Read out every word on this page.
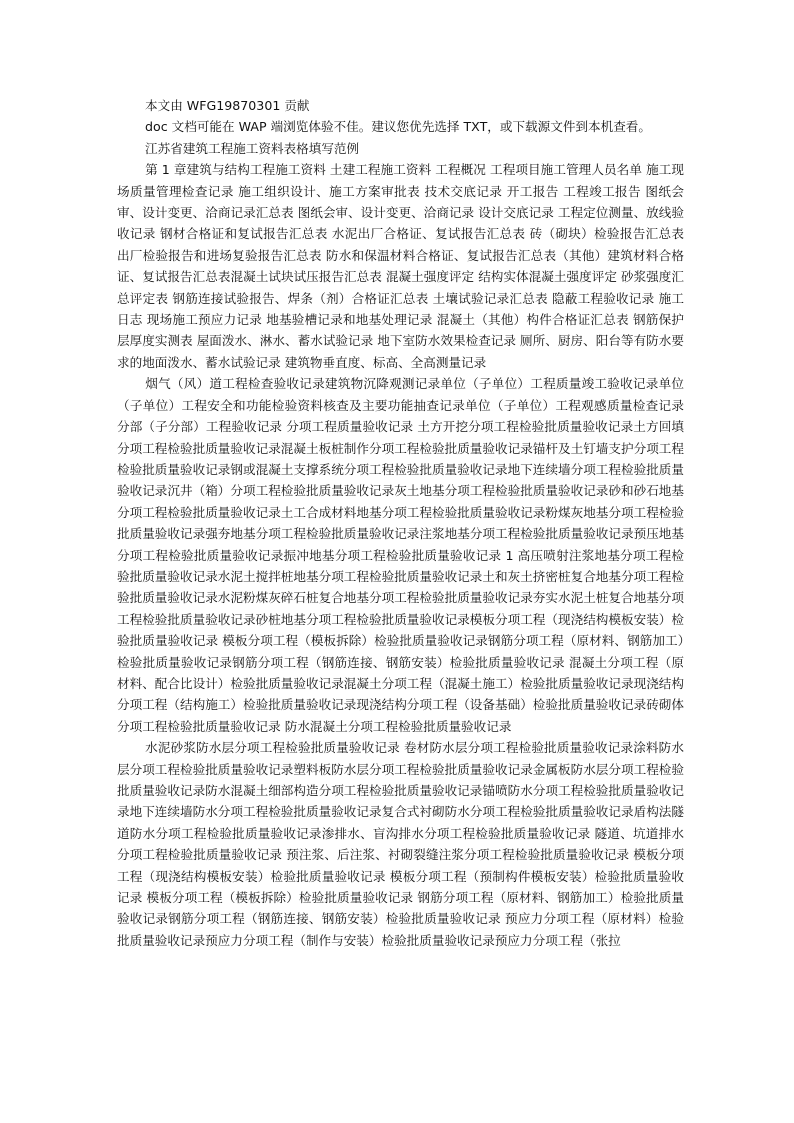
本文由 WFG19870301 贡献

doc 文档可能在 WAP 端浏览体验不佳。建议您优先选择 TXT，或下载源文件到本机查看。

江苏省建筑工程施工资料表格填写范例

第 1 章建筑与结构工程施工资料 土建工程施工资料 工程概况 工程项目施工管理人员名单 施工现场质量管理检查记录 施工组织设计、施工方案审批表 技术交底记录 开工报告 工程竣工报告 图纸会审、设计变更、洽商记录汇总表 图纸会审、设计变更、洽商记录 设计交底记录 工程定位测量、放线验收记录 钢材合格证和复试报告汇总表 水泥出厂合格证、复试报告汇总表 砖（砌块）检验报告汇总表 出厂检验报告和进场复验报告汇总表 防水和保温材料合格证、复试报告汇总表（其他）建筑材料合格证、复试报告汇总表混凝土试块试压报告汇总表 混凝土强度评定 结构实体混凝土强度评定 砂浆强度汇总评定表 钢筋连接试验报告、焊条（剂）合格证汇总表 土壤试验记录汇总表 隐蔽工程验收记录 施工日志 现场施工预应力记录 地基验槽记录和地基处理记录 混凝土（其他）构件合格证汇总表 钢筋保护层厚度实测表 屋面泼水、淋水、蓄水试验记录 地下室防水效果检查记录 厕所、厨房、阳台等有防水要求的地面泼水、蓄水试验记录 建筑物垂直度、标高、全高测量记录

烟气（风）道工程检查验收记录建筑物沉降观测记录单位（子单位）工程质量竣工验收记录单位（子单位）工程安全和功能检验资料核查及主要功能抽查记录单位（子单位）工程观感质量检查记录 分部（子分部）工程验收记录 分项工程质量验收记录 土方开挖分项工程检验批质量验收记录土方回填分项工程检验批质量验收记录混凝土板桩制作分项工程检验批质量验收记录锚杆及土钉墙支护分项工程检验批质量验收记录钢或混凝土支撑系统分项工程检验批质量验收记录地下连续墙分项工程检验批质量验收记录沉井（箱）分项工程检验批质量验收记录灰土地基分项工程检验批质量验收记录砂和砂石地基分项工程检验批质量验收记录土工合成材料地基分项工程检验批质量验收记录粉煤灰地基分项工程检验批质量验收记录强夯地基分项工程检验批质量验收记录注浆地基分项工程检验批质量验收记录预压地基分项工程检验批质量验收记录振冲地基分项工程检验批质量验收记录 1 高压喷射注浆地基分项工程检验批质量验收记录水泥土搅拌桩地基分项工程检验批质量验收记录土和灰土挤密桩复合地基分项工程检验批质量验收记录水泥粉煤灰碎石桩复合地基分项工程检验批质量验收记录夯实水泥土桩复合地基分项工程检验批质量验收记录砂桩地基分项工程检验批质量验收记录模板分项工程（现浇结构模板安装）检验批质量验收记录 模板分项工程（模板拆除）检验批质量验收记录钢筋分项工程（原材料、钢筋加工）检验批质量验收记录钢筋分项工程（钢筋连接、钢筋安装）检验批质量验收记录 混凝土分项工程（原材料、配合比设计）检验批质量验收记录混凝土分项工程（混凝土施工）检验批质量验收记录现浇结构分项工程（结构施工）检验批质量验收记录现浇结构分项工程（设备基础）检验批质量验收记录砖砌体分项工程检验批质量验收记录 防水混凝土分项工程检验批质量验收记录

水泥砂浆防水层分项工程检验批质量验收记录 卷材防水层分项工程检验批质量验收记录涂料防水层分项工程检验批质量验收记录塑料板防水层分项工程检验批质量验收记录金属板防水层分项工程检验批质量验收记录防水混凝土细部构造分项工程检验批质量验收记录锚喷防水分项工程检验批质量验收记录地下连续墙防水分项工程检验批质量验收记录复合式衬砌防水分项工程检验批质量验收记录盾构法隧道防水分项工程检验批质量验收记录渗排水、盲沟排水分项工程检验批质量验收记录 隧道、坑道排水分项工程检验批质量验收记录 预注浆、后注浆、衬砌裂缝注浆分项工程检验批质量验收记录 模板分项工程（现浇结构模板安装）检验批质量验收记录 模板分项工程（预制构件模板安装）检验批质量验收记录 模板分项工程（模板拆除）检验批质量验收记录 钢筋分项工程（原材料、钢筋加工）检验批质量验收记录钢筋分项工程（钢筋连接、钢筋安装）检验批质量验收记录 预应力分项工程（原材料）检验批质量验收记录预应力分项工程（制作与安装）检验批质量验收记录预应力分项工程（张拉
